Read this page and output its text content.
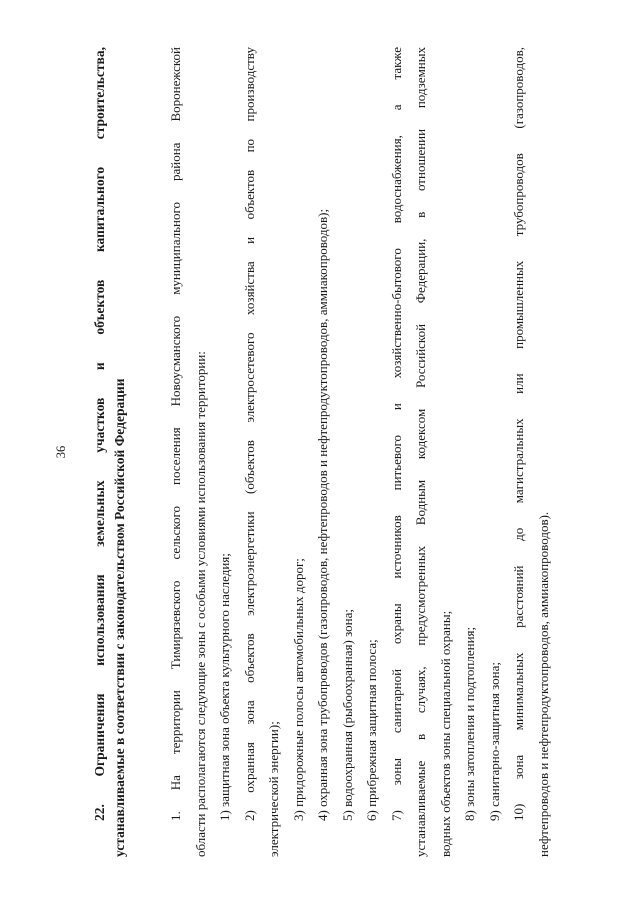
36
22.
Ограничения
использования
земельных
участков
и
объектов
капитального
строительства,
устанавливаемые в соответствии с законодательством Российской Федерации	1. На территории Тимирязевского сельского поселения Новоусманского муниципального района Воронежской области располагаются следующие зоны с особыми условиями использования территории: 1) защитная зона объекта культурного наследия; 2) охранная зона объектов электроэнергетики (объектов электросетевого хозяйства и объектов по производству электрической энергии); 3) придорожные полосы автомобильных дорог; 4) охранная зона трубопроводов (газопроводов, нефтепроводов и нефтепродуктопроводов, аммиакопроводов); 5) водоохранная (рыбоохранная) зона; 6) прибрежная защитная полоса; 7) зоны санитарной охраны источников питьевого и хозяйственно-бытового водоснабжения, а также устанавливаемые в случаях, предусмотренных Водным кодексом Российской Федерации, в отношении подземных водных объектов зоны специальной охраны; 8) зоны затопления и подтопления; 9) санитарно-защитная зона; 10) зона минимальных расстояний до магистральных или промышленных трубопроводов (газопроводов, нефтепроводов и нефтепродуктопроводов, аммиакопроводов).
